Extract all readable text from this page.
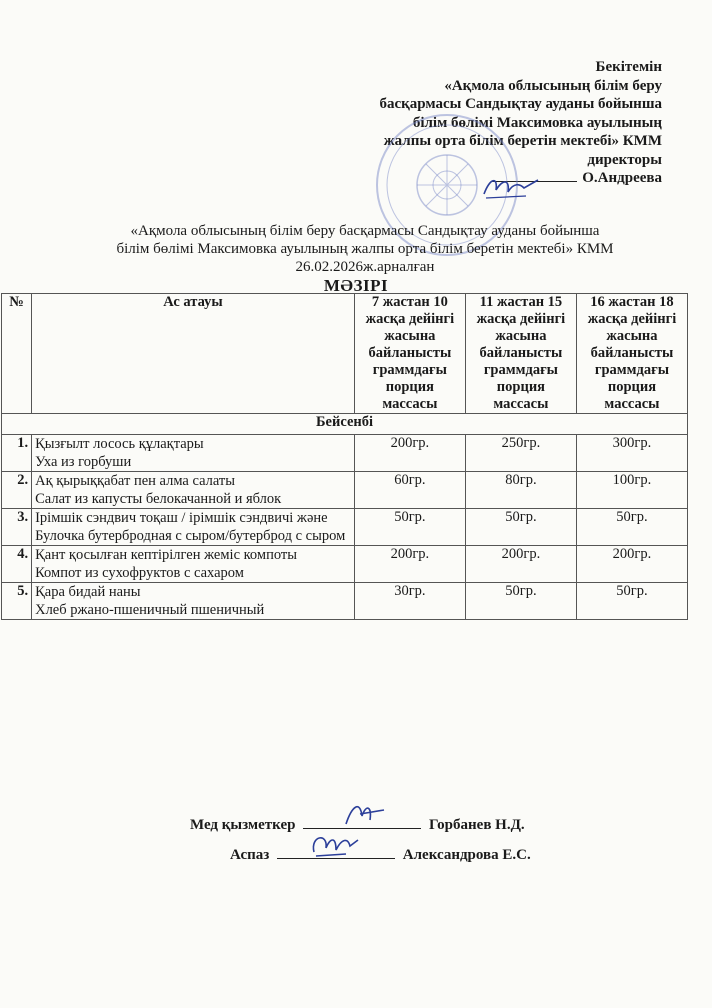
Бекітемін
«Ақмола облысының білім беру
басқармасы Сандықтау ауданы бойынша
білім бөлімі Максимовка ауылының
жалпы орта білім беретін мектебі» КММ
директоры
О.Андреева
«Ақмола облысының білім беру басқармасы Сандықтау ауданы бойынша
білім бөлімі Максимовка ауылының жалпы орта білім беретін мектебі» КММ
26.02.2026ж.арналған
МӘЗІРІ
№	Ас атауы	7 жастан 10 жасқа дейінгі жасына байланысты граммдағы порция массасы	11 жастан 15 жасқа дейінгі жасына байланысты граммдағы порция массасы	16 жастан 18 жасқа дейінгі жасына байланысты граммдағы порция массасы
Бейсенбі				
1.	Қызғылт лосось құлақтары
Уха из горбуши	200гр.	250гр.	300гр.
2.	Ақ қырыққабат пен алма салаты
Салат из капусты белокачанной и яблок	60гр.	80гр.	100гр.
3.	Ірімшік сэндвич тоқаш / ірімшік сэндвичі және
Булочка бутербродная с сыром/бутерброд с сыром	50гр.	50гр.	50гр.
4.	Қант қосылған кептірілген жеміс компоты
Компот из сухофруктов с сахаром	200гр.	200гр.	200гр.
5.	Қара бидай наны
Хлеб ржано-пшеничный пшеничный	30гр.	50гр.	50гр.
Мед қызметкер	Горбанев Н.Д.
Аспаз	Александрова Е.С.
